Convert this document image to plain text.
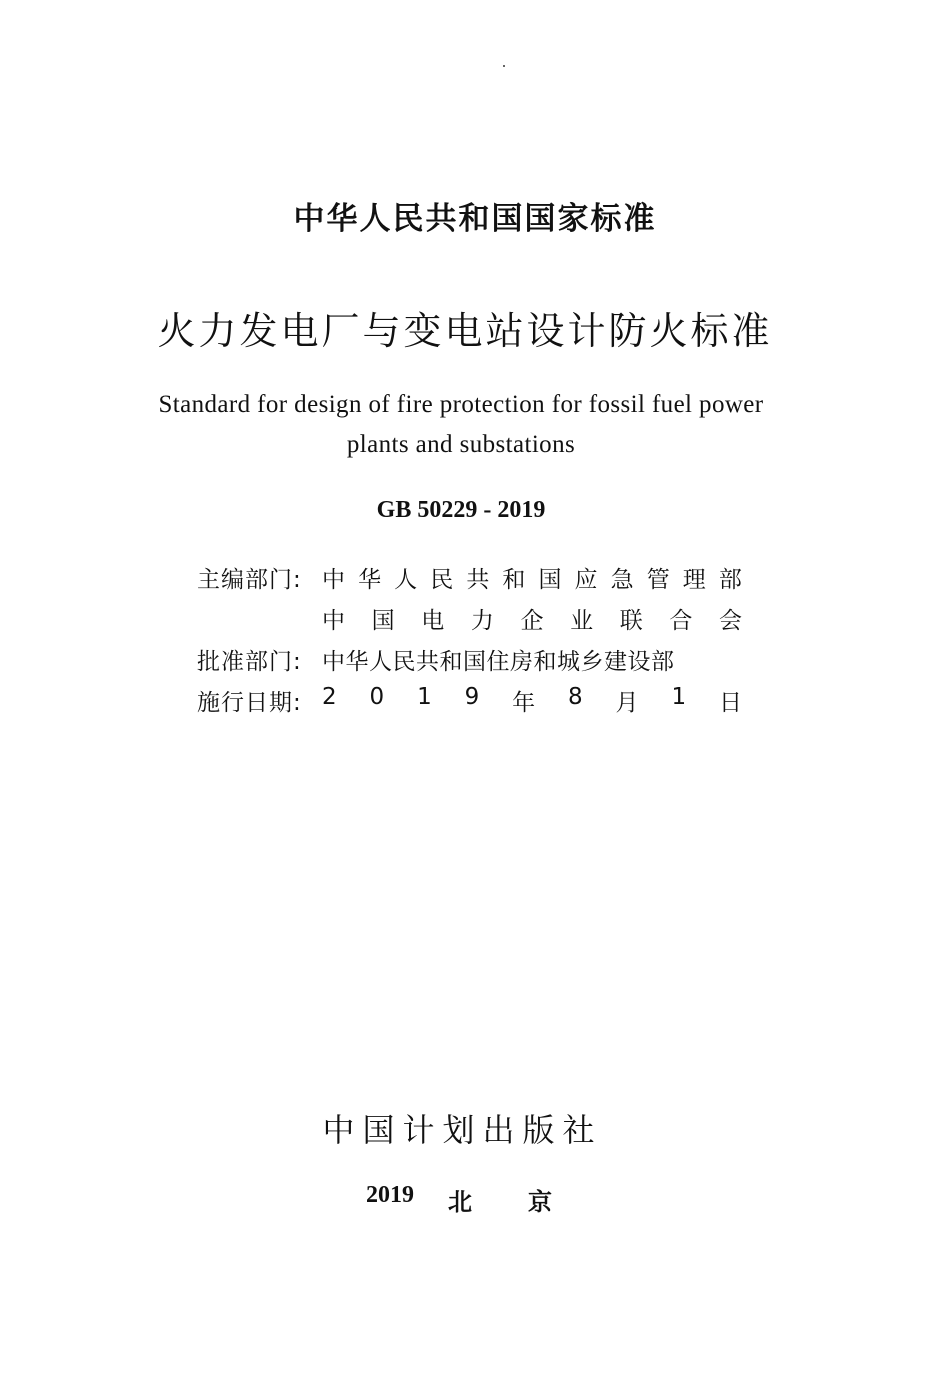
中华人民共和国国家标准
火力发电厂与变电站设计防火标准
Standard for design of fire protection for fossil fuel power
plants and substations
GB 50229 - 2019
主编部门: 中 华 人 民 共 和 国 应 急 管 理 部
中 国 电 力 企 业 联 合 会
批准部门: 中华人民共和国住房和城乡建设部
施行日期: 2 0 1 9 年 8 月 1 日
中国计划出版社
2019	北	京
